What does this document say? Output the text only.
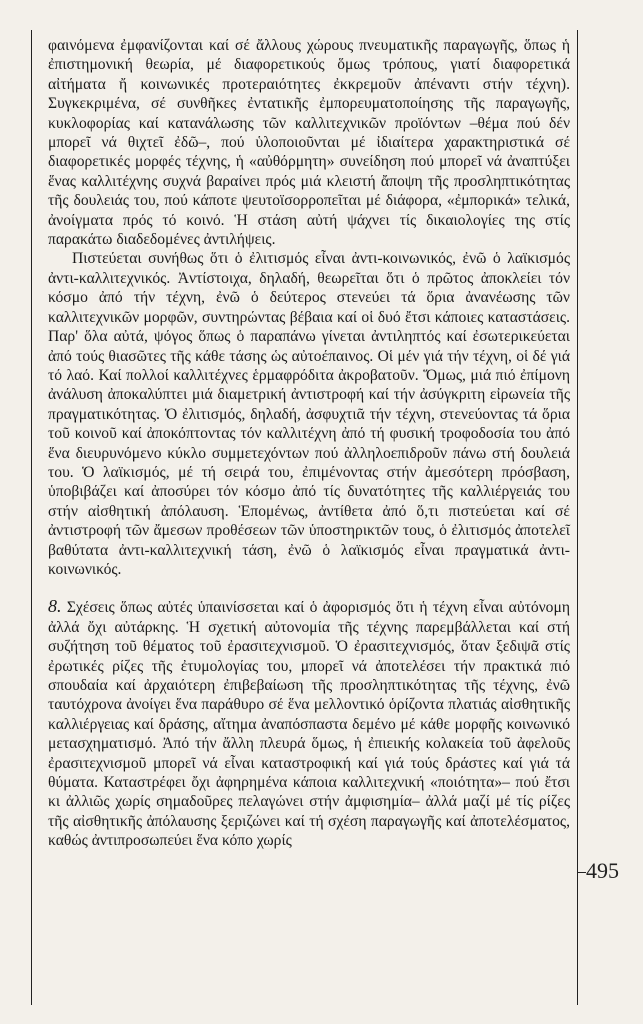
φαινόμενα ἐμφανίζονται καί σέ ἄλλους χώρους πνευματικῆς παραγωγῆς, ὅπως ἡ ἐπιστημονική θεωρία, μέ διαφορετικούς ὅμως τρόπους, γιατί διαφορετικά αἰτήματα ἤ κοινωνικές προτεραιότητες ἐκκρεμοῦν ἀπέναντι στήν τέχνη). Συγκεκριμένα, σέ συνθῆκες ἐντατικῆς ἐμπορευματοποίησης τῆς παραγωγῆς, κυκλοφορίας καί κατανάλωσης τῶν καλλιτεχνικῶν προϊόντων –θέμα πού δέν μπορεῖ νά θιχτεῖ ἐδῶ–, πού ὑλοποιοῦνται μέ ἰδιαίτερα χαρακτηριστικά σέ διαφορετικές μορφές τέχνης, ἡ «αὐθόρμητη» συνείδηση πού μπορεῖ νά ἀναπτύξει ἕνας καλλιτέχνης συχνά βαραίνει πρός μιά κλειστή ἄποψη τῆς προσληπτικότητας τῆς δουλειάς του, πού κάποτε ψευτοϊσορροπεῖται μέ διάφορα, «ἐμπορικά» τελικά, ἀνοίγματα πρός τό κοινό. Ἡ στάση αὐτή ψάχνει τίς δικαιολογίες της στίς παρακάτω διαδεδομένες ἀντιλήψεις.

Πιστεύεται συνήθως ὅτι ὁ ἐλιτισμός εἶναι ἀντι-κοινωνικός, ἐνῶ ὁ λαϊκισμός ἀντι-καλλιτεχνικός. Ἀντίστοιχα, δηλαδή, θεωρεῖται ὅτι ὁ πρῶτος ἀποκλείει τόν κόσμο ἀπό τήν τέχνη, ἐνῶ ὁ δεύτερος στενεύει τά ὅρια ἀνανέωσης τῶν καλλιτεχνικῶν μορφῶν, συντηρώντας βέβαια καί οἱ δυό ἔτσι κάποιες καταστάσεις. Παρ' ὅλα αὐτά, ψόγος ὅπως ὁ παραπάνω γίνεται ἀντιληπτός καί ἐσωτερικεύεται ἀπό τούς θιασῶτες τῆς κάθε τάσης ὡς αὐτοέπαινος. Οἱ μέν γιά τήν τέχνη, οἱ δέ γιά τό λαό. Καί πολλοί καλλιτέχνες ἑρμαφρόδιτα ἀκροβατοῦν. Ὅμως, μιά πιό ἐπίμονη ἀνάλυση ἀποκαλύπτει μιά διαμετρική ἀντιστροφή καί τήν ἀσύγκριτη εἰρωνεία τῆς πραγματικότητας. Ὁ ἐλιτισμός, δηλαδή, ἀσφυχτιᾶ τήν τέχνη, στενεύοντας τά ὅρια τοῦ κοινοῦ καί ἀποκόπτοντας τόν καλλιτέχνη ἀπό τή φυσική τροφοδοσία του ἀπό ἕνα διευρυνόμενο κύκλο συμμετεχόντων πού ἀλληλοεπιδροῦν πάνω στή δουλειά του. Ὁ λαϊκισμός, μέ τή σειρά του, ἐπιμένοντας στήν ἀμεσότερη πρόσβαση, ὑποβιβάζει καί ἀποσύρει τόν κόσμο ἀπό τίς δυνατότητες τῆς καλλιέργειάς του στήν αἰσθητική ἀπόλαυση. Ἑπομένως, ἀντίθετα ἀπό ὅ,τι πιστεύεται καί σέ ἀντιστροφή τῶν ἄμεσων προθέσεων τῶν ὑποστηρικτῶν τους, ὁ ἐλιτισμός ἀποτελεῖ βαθύτατα ἀντι-καλλιτεχνική τάση, ἐνῶ ὁ λαϊκισμός εἶναι πραγματικά ἀντι-κοινωνικός.

8. Σχέσεις ὅπως αὐτές ὑπαινίσσεται καί ὁ ἀφορισμός ὅτι ἡ τέχνη εἶναι αὐτόνομη ἀλλά ὄχι αὐτάρκης. Ἡ σχετική αὐτονομία τῆς τέχνης παρεμβάλλεται καί στή συζήτηση τοῦ θέματος τοῦ ἐρασιτεχνισμοῦ. Ὁ ἐρασιτεχνισμός, ὅταν ξεδιψᾶ στίς ἐρωτικές ρίζες τῆς ἐτυμολογίας του, μπορεῖ νά ἀποτελέσει τήν πρακτικά πιό σπουδαία καί ἀρχαιότερη ἐπιβεβαίωση τῆς προσληπτικότητας τῆς τέχνης, ἐνῶ ταυτόχρονα ἀνοίγει ἕνα παράθυρο σέ ἕνα μελλοντικό ὁρίζοντα πλατιάς αἰσθητικῆς καλλιέργειας καί δράσης, αἴτημα ἀναπόσπαστα δεμένο μέ κάθε μορφῆς κοινωνικό μετασχηματισμό. Ἀπό τήν ἄλλη πλευρά ὅμως, ἡ ἐπιεικής κολακεία τοῦ ἀφελοῦς ἐρασιτεχνισμοῦ μπορεῖ νά εἶναι καταστροφική καί γιά τούς δράστες καί γιά τά θύματα. Καταστρέφει ὄχι ἀφηρημένα κάποια καλλιτεχνική «ποιότητα»– πού ἔτσι κι ἀλλιῶς χωρίς σημαδοῦρες πελαγώνει στήν ἀμφισημία– ἀλλά μαζί μέ τίς ρίζες τῆς αἰσθητικῆς ἀπόλαυσης ξεριζώνει καί τή σχέση παραγωγῆς καί ἀποτελέσματος, καθώς ἀντιπροσωπεύει ἕνα κόπο χωρίς

495
